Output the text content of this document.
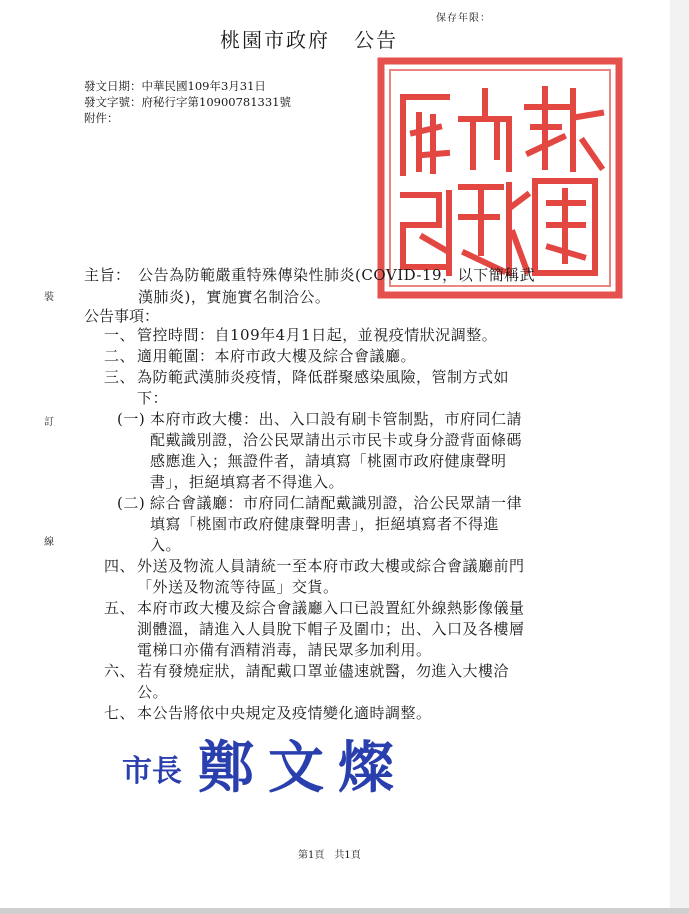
保存年限：
桃園市政府 公告
發文日期：中華民國109年3月31日
發文字號：府秘行字第10900781331號
附件：
裝
訂
線
主旨： 公告為防範嚴重特殊傳染性肺炎(COVID-19，以下簡稱武
漢肺炎)，實施實名制洽公。
公告事項：
一、 管控時間：自109年4月1日起，並視疫情狀況調整。
二、 適用範圍：本府市政大樓及綜合會議廳。
三、 為防範武漢肺炎疫情，降低群聚感染風險，管制方式如
下：
(一) 本府市政大樓：出、入口設有刷卡管制點，市府同仁請
配戴識別證，洽公民眾請出示市民卡或身分證背面條碼
感應進入；無證件者，請填寫「桃園市政府健康聲明
書」，拒絕填寫者不得進入。
(二) 綜合會議廳：市府同仁請配戴識別證，洽公民眾請一律
填寫「桃園市政府健康聲明書」，拒絕填寫者不得進
入。
四、 外送及物流人員請統一至本府市政大樓或綜合會議廳前門
「外送及物流等待區」交貨。
五、 本府市政大樓及綜合會議廳入口已設置紅外線熱影像儀量
測體溫，請進入人員脫下帽子及圍巾；出、入口及各樓層
電梯口亦備有酒精消毒，請民眾多加利用。
六、 若有發燒症狀，請配戴口罩並儘速就醫，勿進入大樓洽
公。
七、 本公告將依中央規定及疫情變化適時調整。
市長 鄭文燦
第1頁 共1頁
